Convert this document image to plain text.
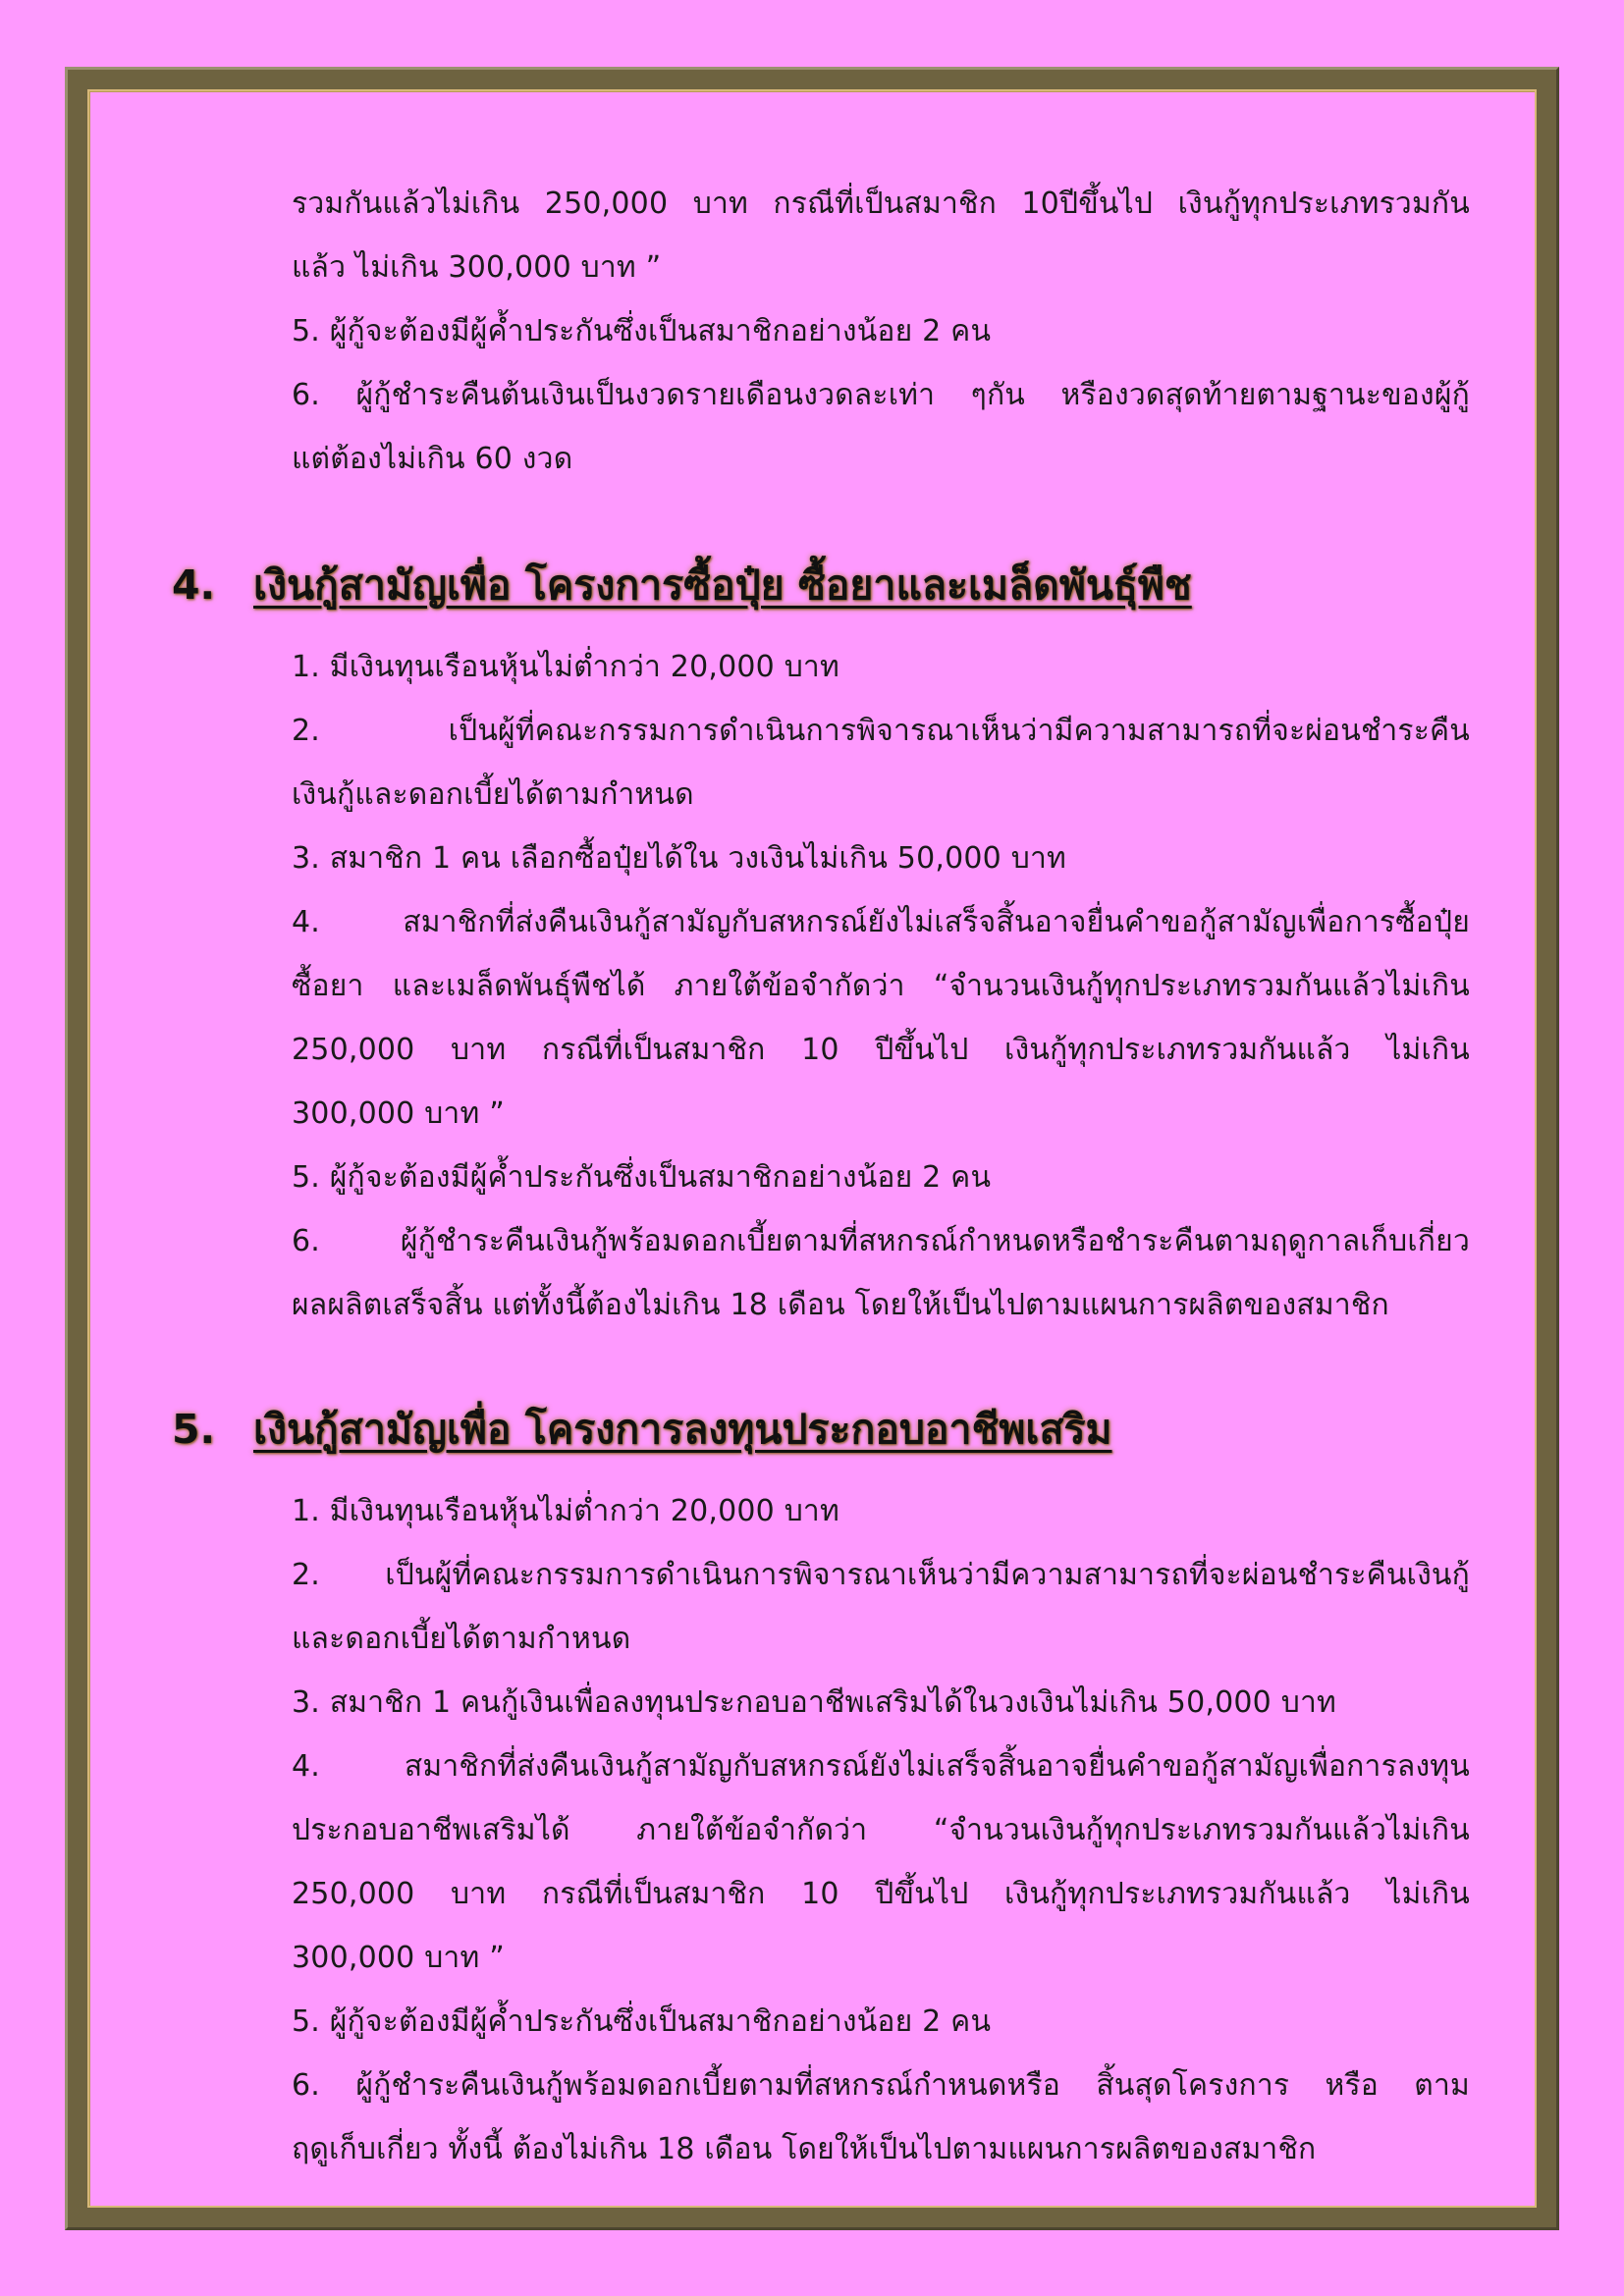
รวมกันแล้วไม่เกิน 250,000 บาท กรณีที่เป็นสมาชิก 10ปีขึ้นไป เงินกู้ทุกประเภทรวมกัน
แล้ว ไม่เกิน 300,000 บาท ”
5. ผู้กู้จะต้องมีผู้ค้ำประกันซึ่งเป็นสมาชิกอย่างน้อย 2 คน
6. ผู้กู้ชำระคืนต้นเงินเป็นงวดรายเดือนงวดละเท่า ๆกัน หรืองวดสุดท้ายตามฐานะของผู้กู้
แต่ต้องไม่เกิน 60 งวด
4. เงินกู้สามัญเพื่อ โครงการซื้อปุ๋ย ซื้อยาและเมล็ดพันธุ์พืช
1. มีเงินทุนเรือนหุ้นไม่ต่ำกว่า 20,000 บาท
2. เป็นผู้ที่คณะกรรมการดำเนินการพิจารณาเห็นว่ามีความสามารถที่จะผ่อนชำระคืน
เงินกู้และดอกเบี้ยได้ตามกำหนด
3. สมาชิก 1 คน เลือกซื้อปุ๋ยได้ใน วงเงินไม่เกิน 50,000 บาท
4. สมาชิกที่ส่งคืนเงินกู้สามัญกับสหกรณ์ยังไม่เสร็จสิ้นอาจยื่นคำขอกู้สามัญเพื่อการซื้อปุ๋ย
ซื้อยา และเมล็ดพันธุ์พืชได้ ภายใต้ข้อจำกัดว่า “จำนวนเงินกู้ทุกประเภทรวมกันแล้วไม่เกิน
250,000 บาท กรณีที่เป็นสมาชิก 10 ปีขึ้นไป เงินกู้ทุกประเภทรวมกันแล้ว ไม่เกิน
300,000 บาท ”
5. ผู้กู้จะต้องมีผู้ค้ำประกันซึ่งเป็นสมาชิกอย่างน้อย 2 คน
6. ผู้กู้ชำระคืนเงินกู้พร้อมดอกเบี้ยตามที่สหกรณ์กำหนดหรือชำระคืนตามฤดูกาลเก็บเกี่ยว
ผลผลิตเสร็จสิ้น แต่ทั้งนี้ต้องไม่เกิน 18 เดือน โดยให้เป็นไปตามแผนการผลิตของสมาชิก
5. เงินกู้สามัญเพื่อ โครงการลงทุนประกอบอาชีพเสริม
1. มีเงินทุนเรือนหุ้นไม่ต่ำกว่า 20,000 บาท
2. เป็นผู้ที่คณะกรรมการดำเนินการพิจารณาเห็นว่ามีความสามารถที่จะผ่อนชำระคืนเงินกู้
และดอกเบี้ยได้ตามกำหนด
3. สมาชิก 1 คนกู้เงินเพื่อลงทุนประกอบอาชีพเสริมได้ในวงเงินไม่เกิน 50,000 บาท
4. สมาชิกที่ส่งคืนเงินกู้สามัญกับสหกรณ์ยังไม่เสร็จสิ้นอาจยื่นคำขอกู้สามัญเพื่อการลงทุน
ประกอบอาชีพเสริมได้ ภายใต้ข้อจำกัดว่า “จำนวนเงินกู้ทุกประเภทรวมกันแล้วไม่เกิน
250,000 บาท กรณีที่เป็นสมาชิก 10 ปีขึ้นไป เงินกู้ทุกประเภทรวมกันแล้ว ไม่เกิน
300,000 บาท ”
5. ผู้กู้จะต้องมีผู้ค้ำประกันซึ่งเป็นสมาชิกอย่างน้อย 2 คน
6. ผู้กู้ชำระคืนเงินกู้พร้อมดอกเบี้ยตามที่สหกรณ์กำหนดหรือ สิ้นสุดโครงการ หรือ ตาม
ฤดูเก็บเกี่ยว ทั้งนี้ ต้องไม่เกิน 18 เดือน โดยให้เป็นไปตามแผนการผลิตของสมาชิก
